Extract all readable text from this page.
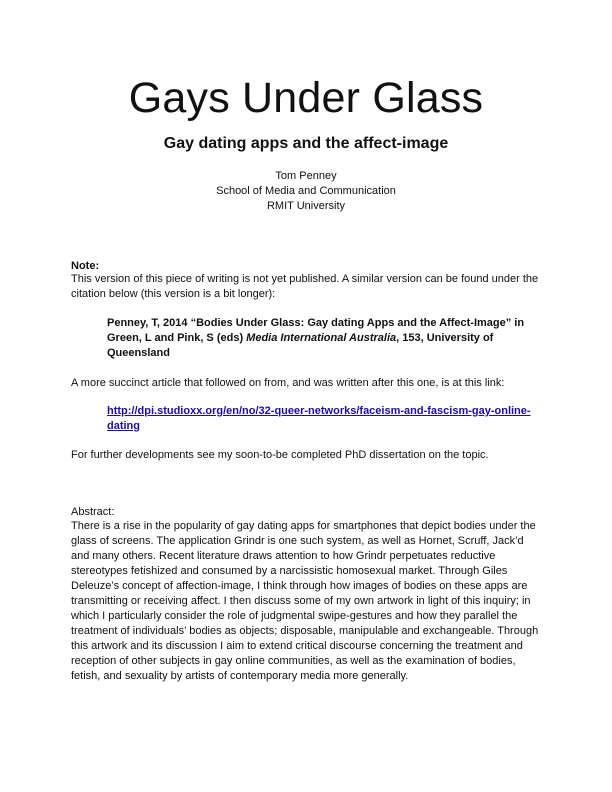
Gays Under Glass
Gay dating apps and the affect-image
Tom Penney
School of Media and Communication
RMIT University
Note:
This version of this piece of writing is not yet published. A similar version can be found under the citation below (this version is a bit longer):
Penney, T, 2014 “Bodies Under Glass: Gay dating Apps and the Affect-Image” in Green, L and Pink, S (eds) Media International Australia, 153, University of Queensland
A more succinct article that followed on from, and was written after this one, is at this link:
http://dpi.studioxx.org/en/no/32-queer-networks/faceism-and-fascism-gay-online-dating
For further developments see my soon-to-be completed PhD dissertation on the topic.
Abstract:
There is a rise in the popularity of gay dating apps for smartphones that depict bodies under the glass of screens. The application Grindr is one such system, as well as Hornet, Scruff, Jack’d and many others. Recent literature draws attention to how Grindr perpetuates reductive stereotypes fetishized and consumed by a narcissistic homosexual market. Through Giles Deleuze’s concept of affection-image, I think through how images of bodies on these apps are transmitting or receiving affect. I then discuss some of my own artwork in light of this inquiry; in which I particularly consider the role of judgmental swipe-gestures and how they parallel the treatment of individuals’ bodies as objects; disposable, manipulable and exchangeable. Through this artwork and its discussion I aim to extend critical discourse concerning the treatment and reception of other subjects in gay online communities, as well as the examination of bodies, fetish, and sexuality by artists of contemporary media more generally.
